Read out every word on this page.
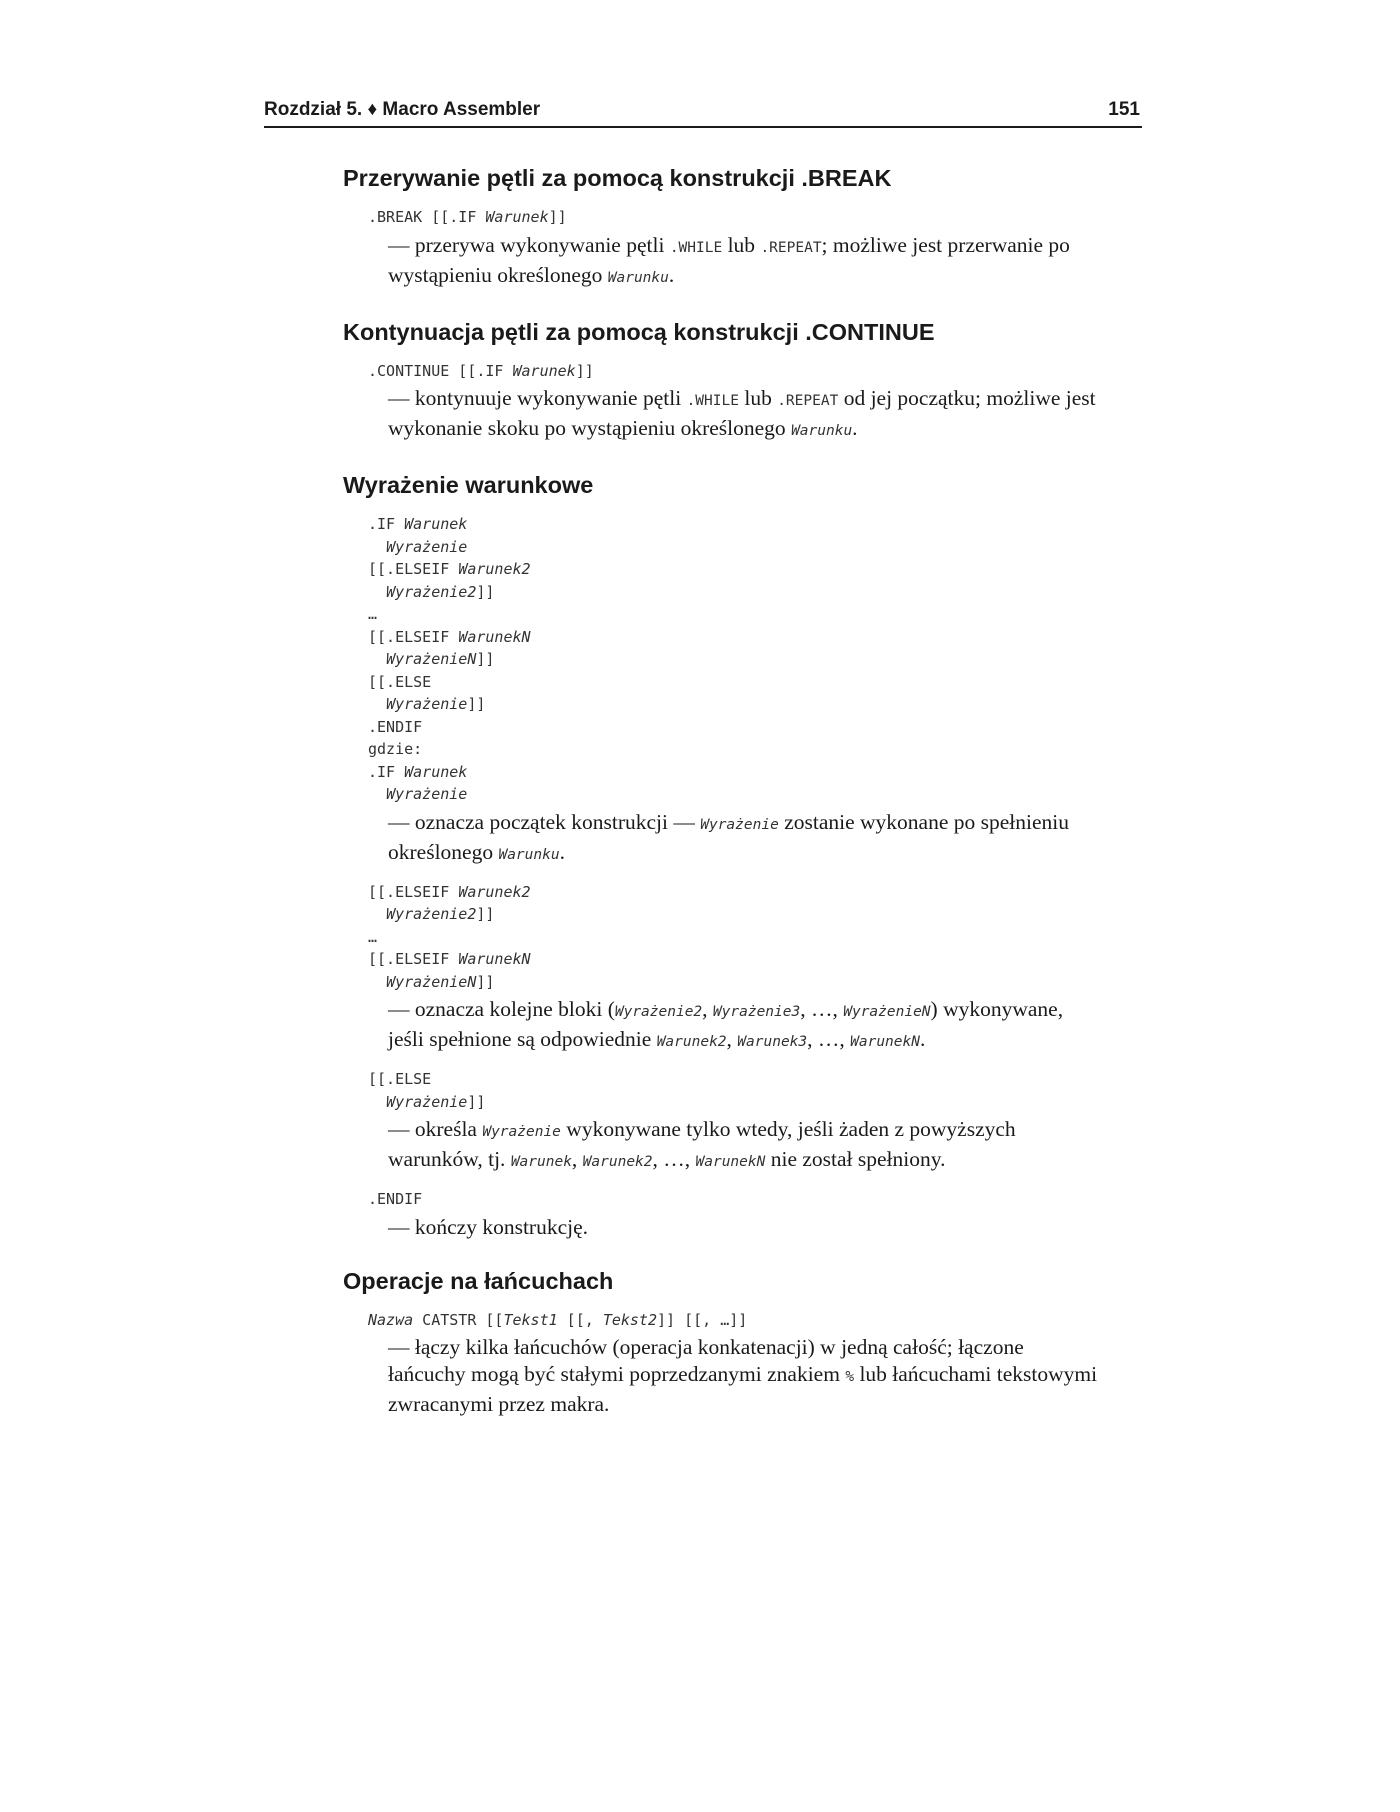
Rozdział 5. ♦ Macro Assembler	151
Przerywanie pętli za pomocą konstrukcji .BREAK
.BREAK [[.IF Warunek]]
— przerywa wykonywanie pętli .WHILE lub .REPEAT; możliwe jest przerwanie po wystąpieniu określonego Warunku.
Kontynuacja pętli za pomocą konstrukcji .CONTINUE
.CONTINUE [[.IF Warunek]]
— kontynuuje wykonywanie pętli .WHILE lub .REPEAT od jej początku; możliwe jest wykonanie skoku po wystąpieniu określonego Warunku.
Wyrażenie warunkowe
.IF Warunek
Wyrażenie
[[.ELSEIF Warunek2
Wyrażenie2]]
…
[[.ELSEIF WarunekN
WyrażenieN]]
[[.ELSE
Wyrażenie]]
.ENDIF
gdzie:
.IF Warunek
Wyrażenie
— oznacza początek konstrukcji — Wyrażenie zostanie wykonane po spełnieniu określonego Warunku.
[[.ELSEIF Warunek2
Wyrażenie2]]
…
[[.ELSEIF WarunekN
WyrażenieN]]
— oznacza kolejne bloki (Wyrażenie2, Wyrażenie3, …, WyrażenieN) wykonywane, jeśli spełnione są odpowiednie Warunek2, Warunek3, …, WarunekN.
[[.ELSE
Wyrażenie]]
— określa Wyrażenie wykonywane tylko wtedy, jeśli żaden z powyższych warunków, tj. Warunek, Warunek2, …, WarunekN nie został spełniony.
.ENDIF
— kończy konstrukcję.
Operacje na łańcuchach
Nazwa CATSTR [[Tekst1 [[, Tekst2]] [[, …]]
— łączy kilka łańcuchów (operacja konkatenacji) w jedną całość; łączone łańcuchy mogą być stałymi poprzedzanymi znakiem % lub łańcuchami tekstowymi zwracanymi przez makra.
